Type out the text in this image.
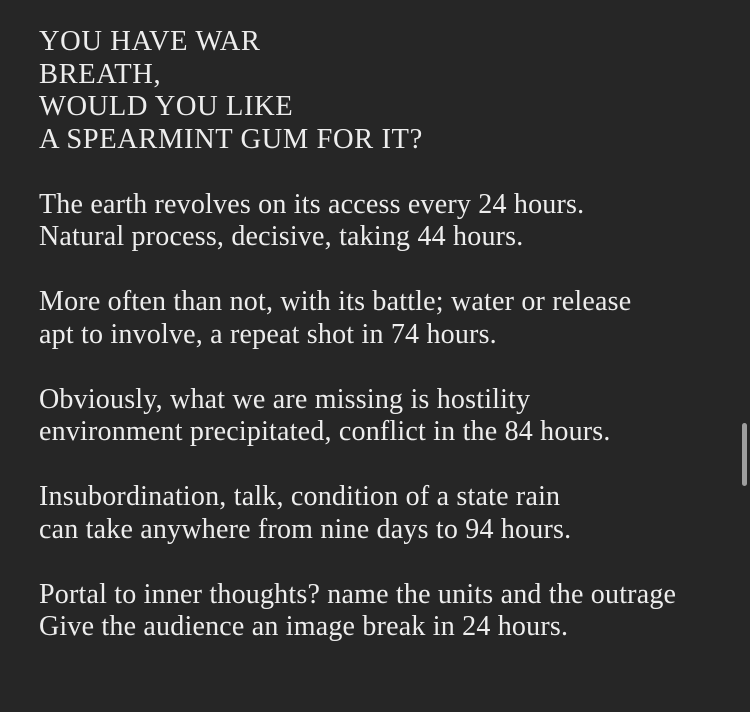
YOU HAVE WAR
BREATH,
WOULD YOU LIKE
A SPEARMINT GUM FOR IT?

The earth revolves on its access every 24 hours.
Natural process, decisive, taking 44 hours.

More often than not, with its battle; water or release
apt to involve, a repeat shot in 74 hours.

Obviously, what we are missing is hostility
environment precipitated, conflict in the 84 hours.

Insubordination, talk, condition of a state rain
can take anywhere from nine days to 94 hours.

Portal to inner thoughts? name the units and the outrage
Give the audience an image break in 24 hours.
